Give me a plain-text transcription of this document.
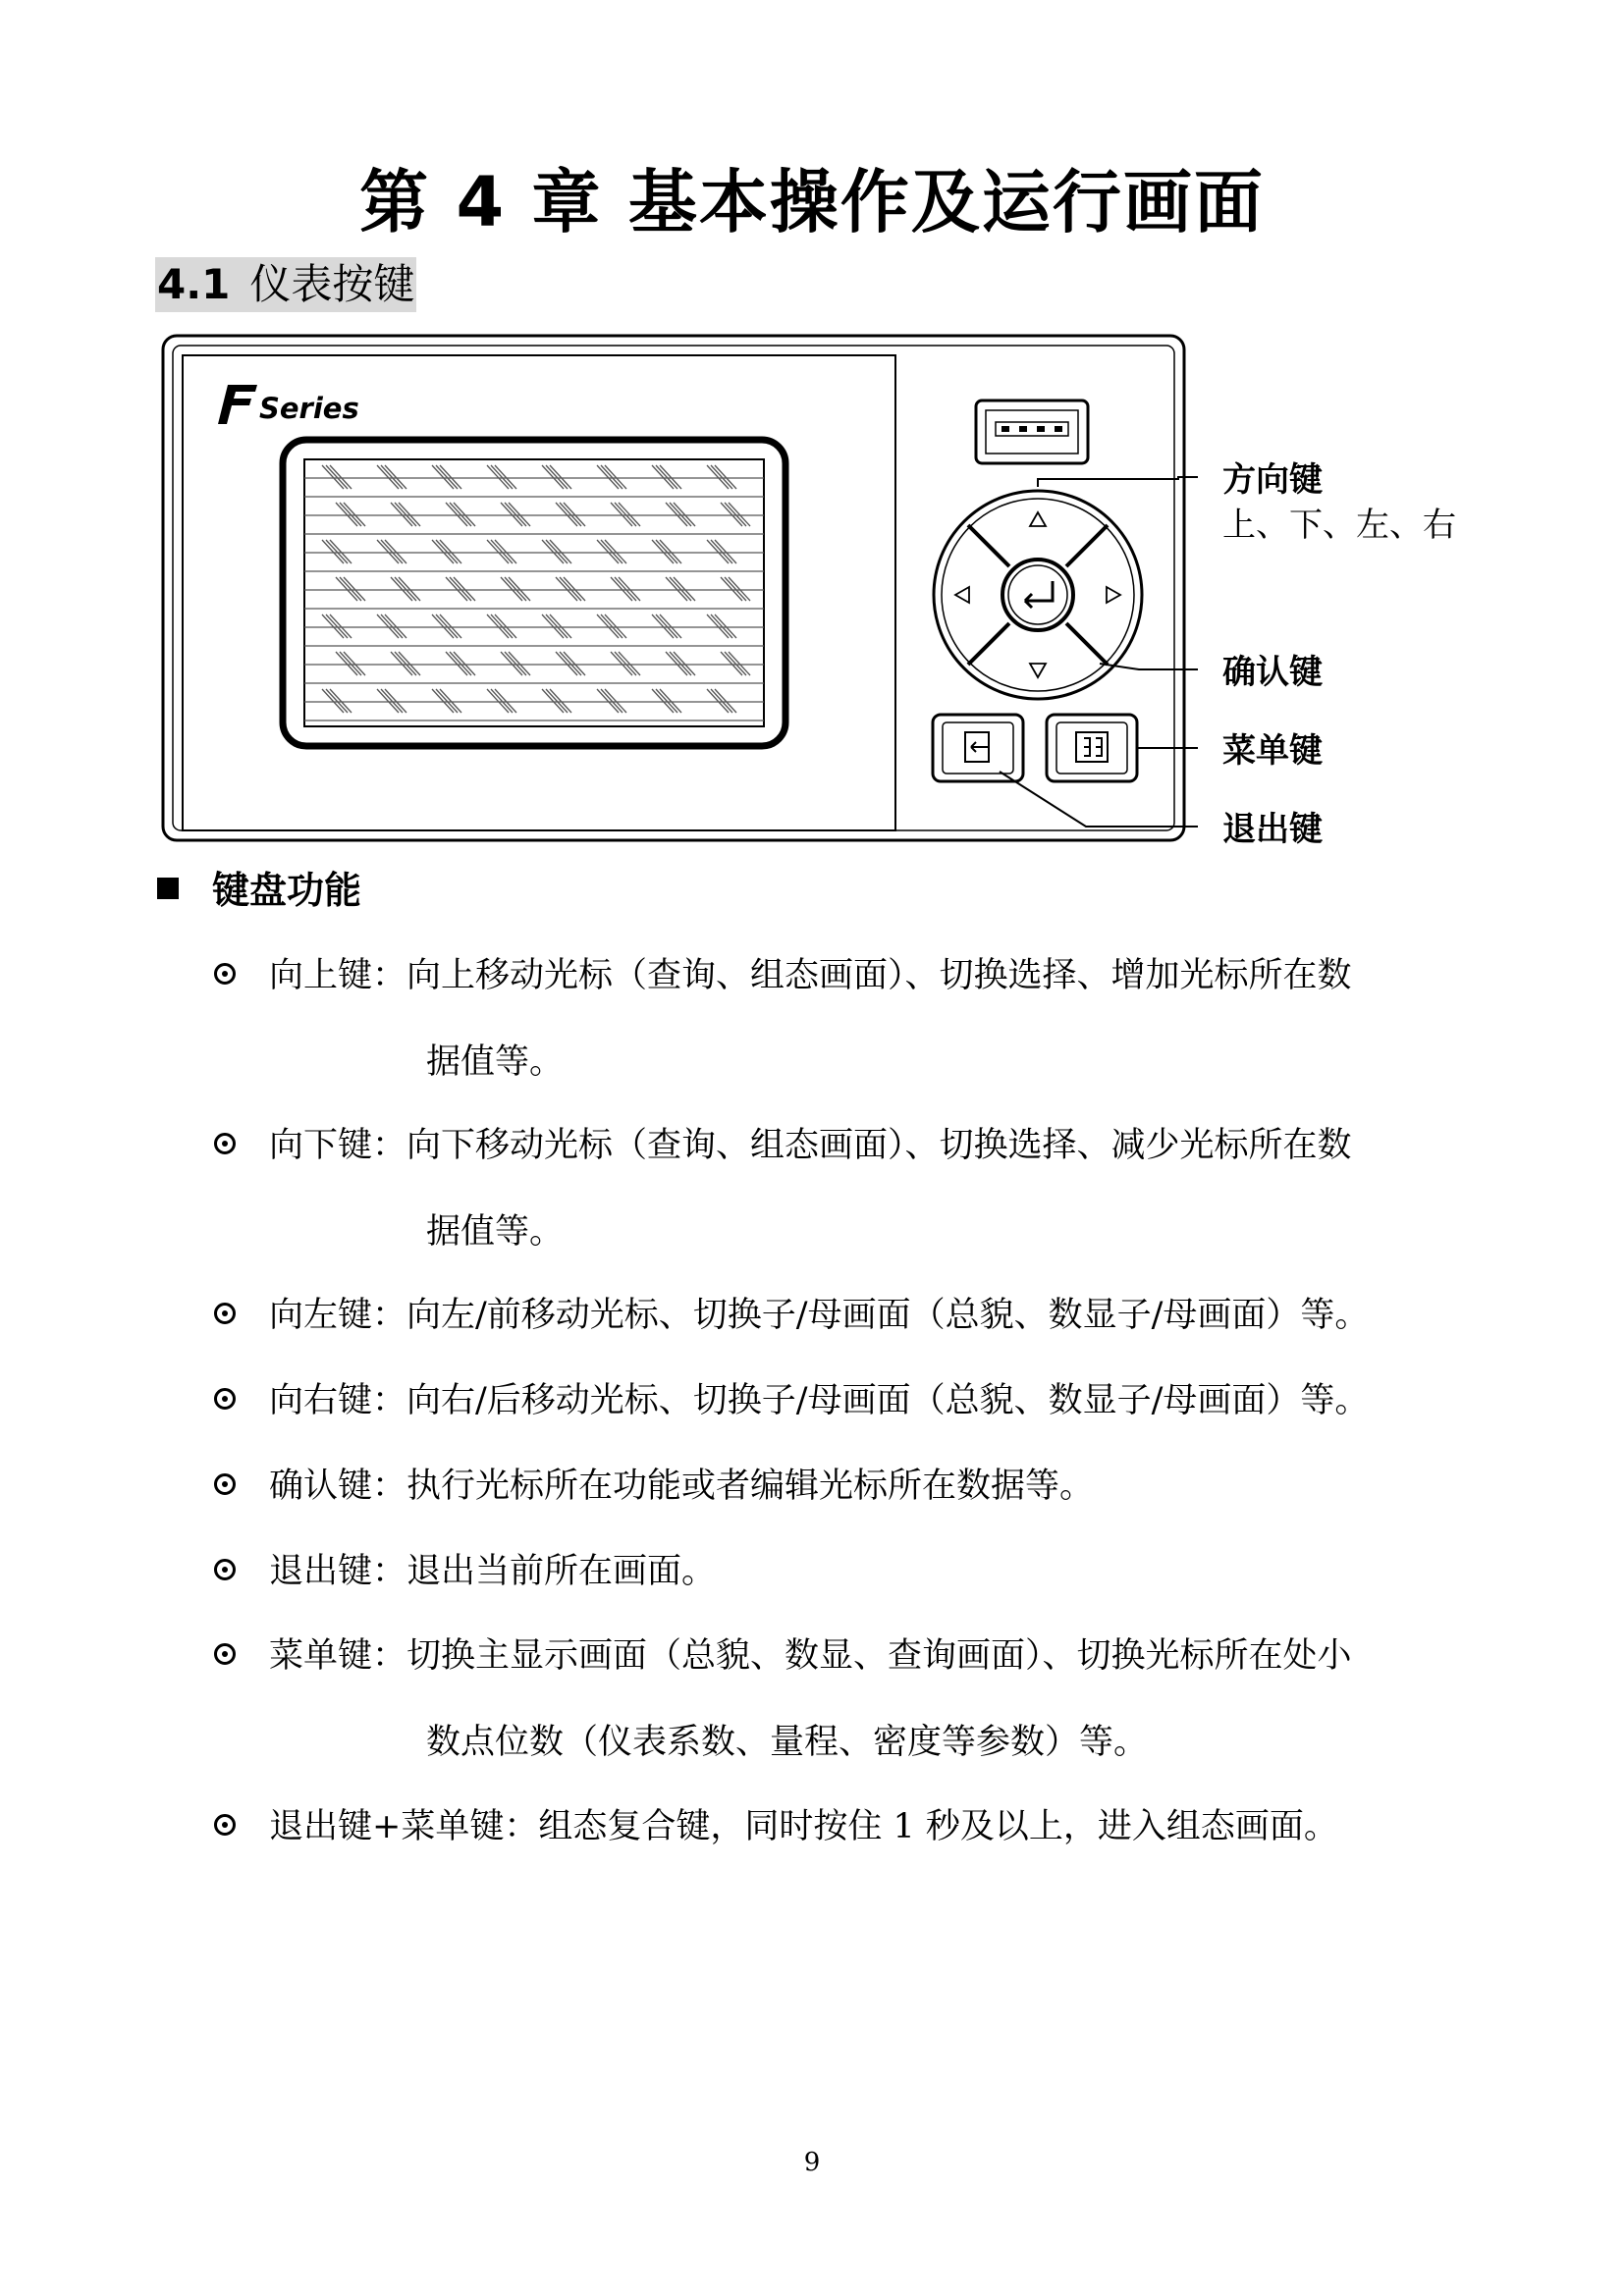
第 4 章 基本操作及运行画面
4.1 仪表按键
Series
方向键
上、下、左、右
确认键
菜单键
退出键
键盘功能
向上键：向上移动光标（查询、组态画面）、切换选择、增加光标所在数
据值等。
向下键：向下移动光标（查询、组态画面）、切换选择、减少光标所在数
据值等。
向左键：向左/前移动光标、切换子/母画面（总貌、数显子/母画面）等。
向右键：向右/后移动光标、切换子/母画面（总貌、数显子/母画面）等。
确认键：执行光标所在功能或者编辑光标所在数据等。
退出键：退出当前所在画面。
菜单键：切换主显示画面（总貌、数显、查询画面）、切换光标所在处小
数点位数（仪表系数、量程、密度等参数）等。
退出键+菜单键：组态复合键，同时按住 1 秒及以上，进入组态画面。
9
